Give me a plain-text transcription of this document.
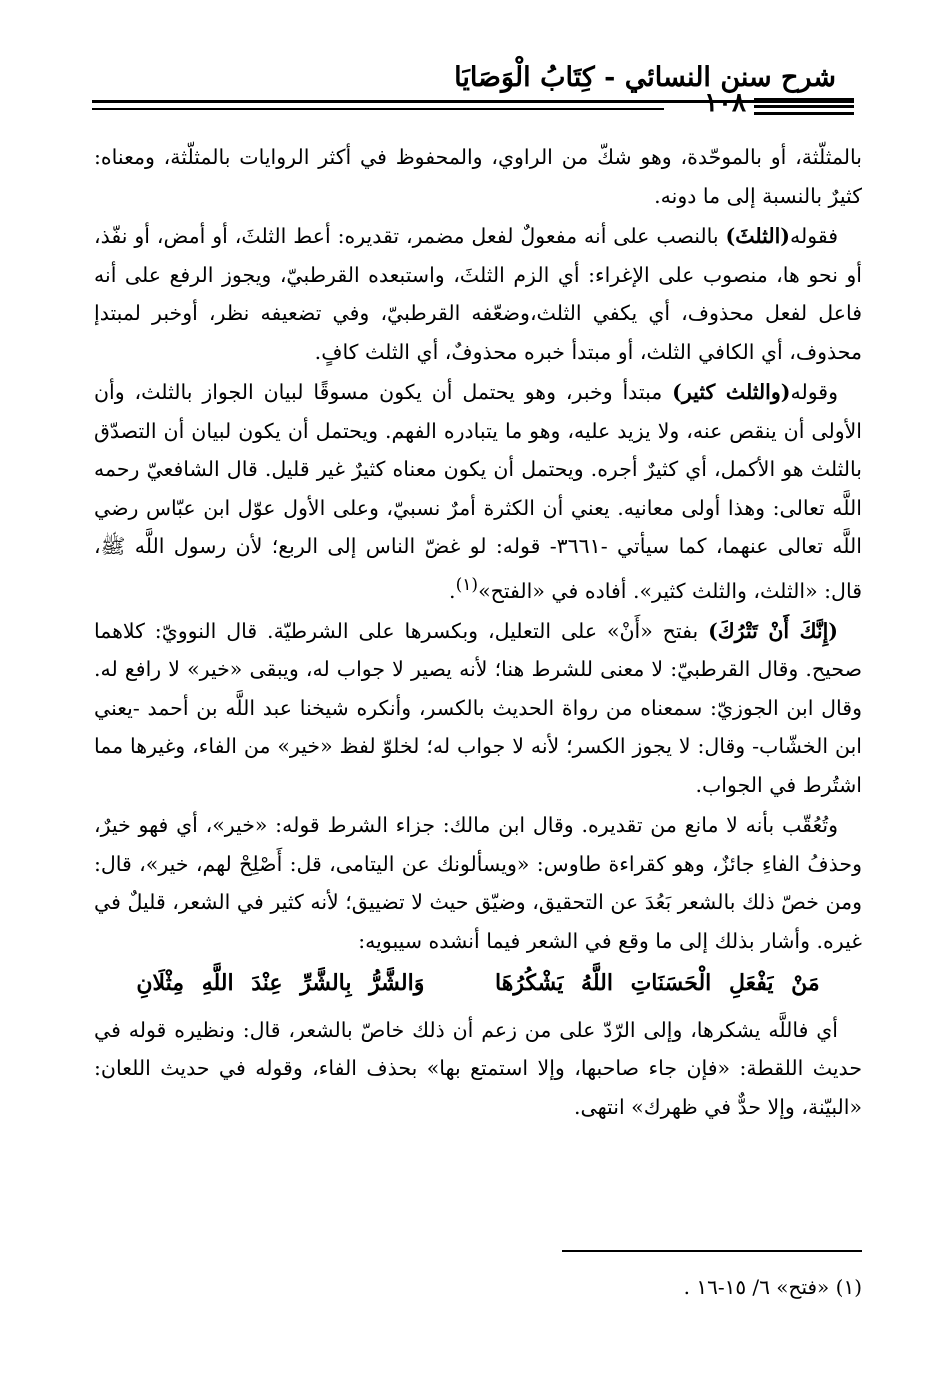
شرح سنن النسائي - كِتَابُ الْوَصَايَا
١٠٨

بالمثلّثة، أو بالموحّدة، وهو شكّ من الراوي، والمحفوظ في أكثر الروايات بالمثلّثة، ومعناه: كثيرٌ بالنسبة إلى ما دونه.

فقوله(الثلثَ) بالنصب على أنه مفعولٌ لفعل مضمر، تقديره: أعط الثلثَ، أو أمض، أو نفّذ، أو نحو ها، منصوب على الإغراء: أي الزم الثلثَ، واستبعده القرطبيّ، ويجوز الرفع على أنه فاعل لفعل محذوف، أي يكفي الثلث،وضعّفه القرطبيّ، وفي تضعيفه نظر، أوخبر لمبتدإ محذوف، أي الكافي الثلث، أو مبتدأ خبره محذوفٌ، أي الثلث كافٍ.

وقوله(والثلث كثير) مبتدأ وخبر، وهو يحتمل أن يكون مسوقًا لبيان الجواز بالثلث، وأن الأولى أن ينقص عنه، ولا يزيد عليه، وهو ما يتبادره الفهم. ويحتمل أن يكون لبيان أن التصدّق بالثلث هو الأكمل، أي كثيرٌ أجره. ويحتمل أن يكون معناه كثيرٌ غير قليل. قال الشافعيّ رحمه اللَّه تعالى: وهذا أولى معانيه. يعني أن الكثرة أمرٌ نسبيّ، وعلى الأول عوّل ابن عبّاس رضي اللَّه تعالى عنهما، كما سيأتي -٣٦٦١- قوله: لو غضّ الناس إلى الربع؛ لأن رسول اللَّه ﷺ، قال: «الثلث، والثلث كثير». أفاده في «الفتح»$^{(١)}$.

(إِنَّكَ أَنْ تَتْرُكَ) بفتح «أَنْ» على التعليل، وبكسرها على الشرطيّة. قال النوويّ: كلاهما صحيح. وقال القرطبيّ: لا معنى للشرط هنا؛ لأنه يصير لا جواب له، ويبقى «خير» لا رافع له. وقال ابن الجوزيّ: سمعناه من رواة الحديث بالكسر، وأنكره شيخنا عبد اللَّه بن أحمد -يعني ابن الخشّاب- وقال: لا يجوز الكسر؛ لأنه لا جواب له؛ لخلوّ لفظ «خير» من الفاء، وغيرها مما اشتُرط في الجواب.

وتُعُقّب بأنه لا مانع من تقديره. وقال ابن مالك: جزاء الشرط قوله: «خير»، أي فهو خيرٌ، وحذفُ الفاءِ جائزٌ، وهو كقراءة طاوس: «ويسألونك عن اليتامى، قل: أَصْلِحْ لهم، خير»، قال: ومن خصّ ذلك بالشعر بَعُدَ عن التحقيق، وضيّق حيث لا تضييق؛ لأنه كثير في الشعر، قليلٌ في غيره. وأشار بذلك إلى ما وقع في الشعر فيما أنشده سيبويه:

مَنْ يَفْعَلِ الْحَسَنَاتِ اللَّهُ يَشْكُرُهَا    وَالشَّرُّ بِالشَّرِّ عِنْدَ اللَّهِ مِثْلَانِ

أي فاللَّه يشكرها، وإلى الرّدّ على من زعم أن ذلك خاصّ بالشعر، قال: ونظيره قوله في حديث اللقطة: «فإن جاء صاحبها، وإلا استمتع بها» بحذف الفاء، وقوله في حديث اللعان: «البيّنة، وإلا حدٌّ في ظهرك» انتهى.

(١) «فتح» ٦/ ١٥-١٦ .
